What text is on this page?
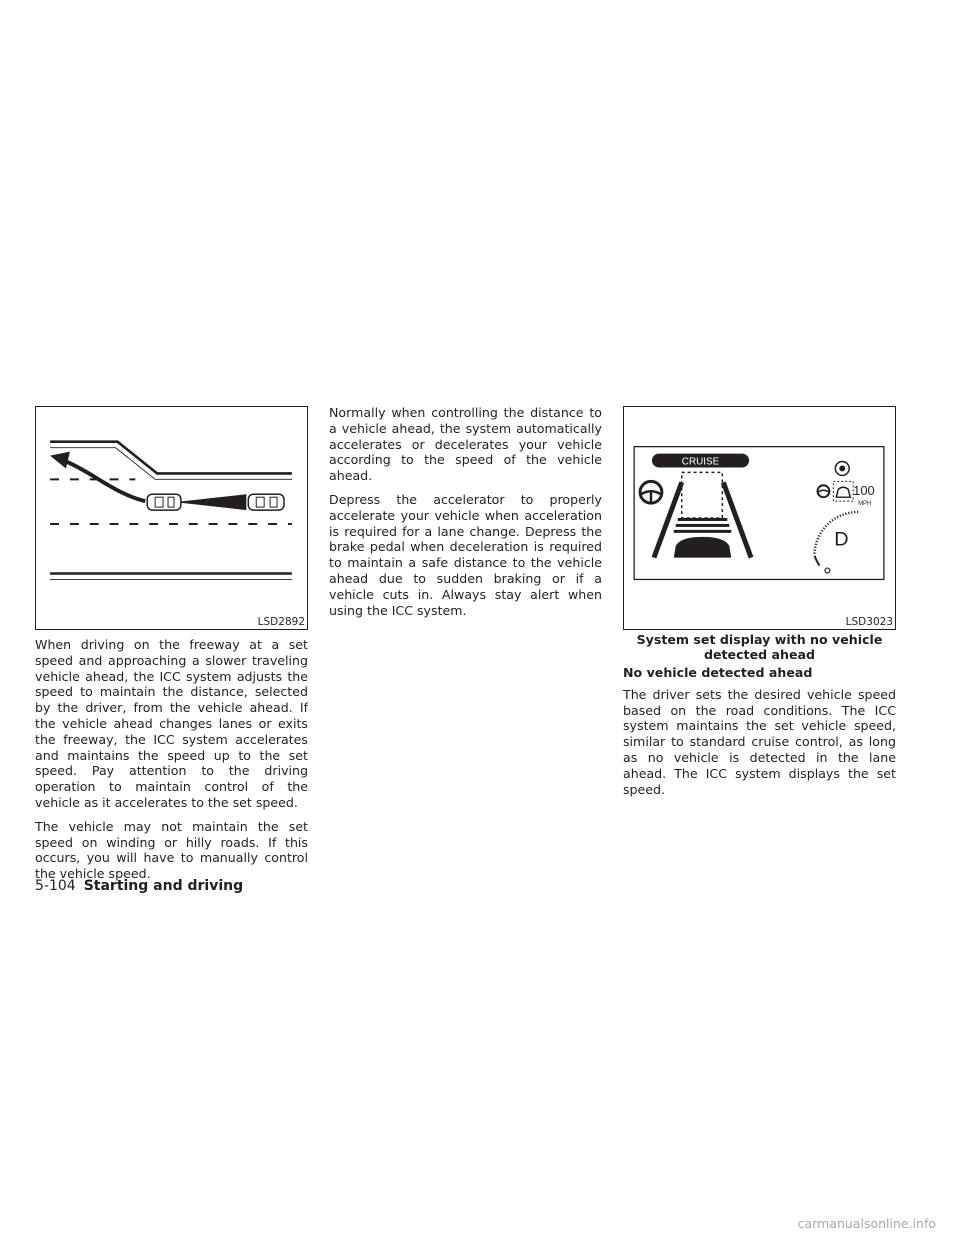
LSD2892
CRUISE
100
MPH
D
LSD3023
System set display with no vehicle
detected ahead

When driving on the freeway at a set speed and approaching a slower traveling vehicle ahead, the ICC system adjusts the speed to maintain the distance, selected by the driver, from the vehicle ahead. If the vehicle ahead changes lanes or exits the freeway, the ICC system accelerates and maintains the speed up to the set speed. Pay attention to the driving operation to maintain control of the vehicle as it accelerates to the set speed.

The vehicle may not maintain the set speed on winding or hilly roads. If this occurs, you will have to manually control the vehicle speed.

Normally when controlling the distance to a vehicle ahead, the system automatically accelerates or decelerates your vehicle according to the speed of the vehicle ahead.

Depress the accelerator to properly accelerate your vehicle when acceleration is required for a lane change. Depress the brake pedal when deceleration is required to maintain a safe distance to the vehicle ahead due to sudden braking or if a vehicle cuts in. Always stay alert when using the ICC system.

No vehicle detected ahead

The driver sets the desired vehicle speed based on the road conditions. The ICC system maintains the set vehicle speed, similar to standard cruise control, as long as no vehicle is detected in the lane ahead. The ICC system displays the set speed.

5-104 Starting and driving
carmanualsonline.info
